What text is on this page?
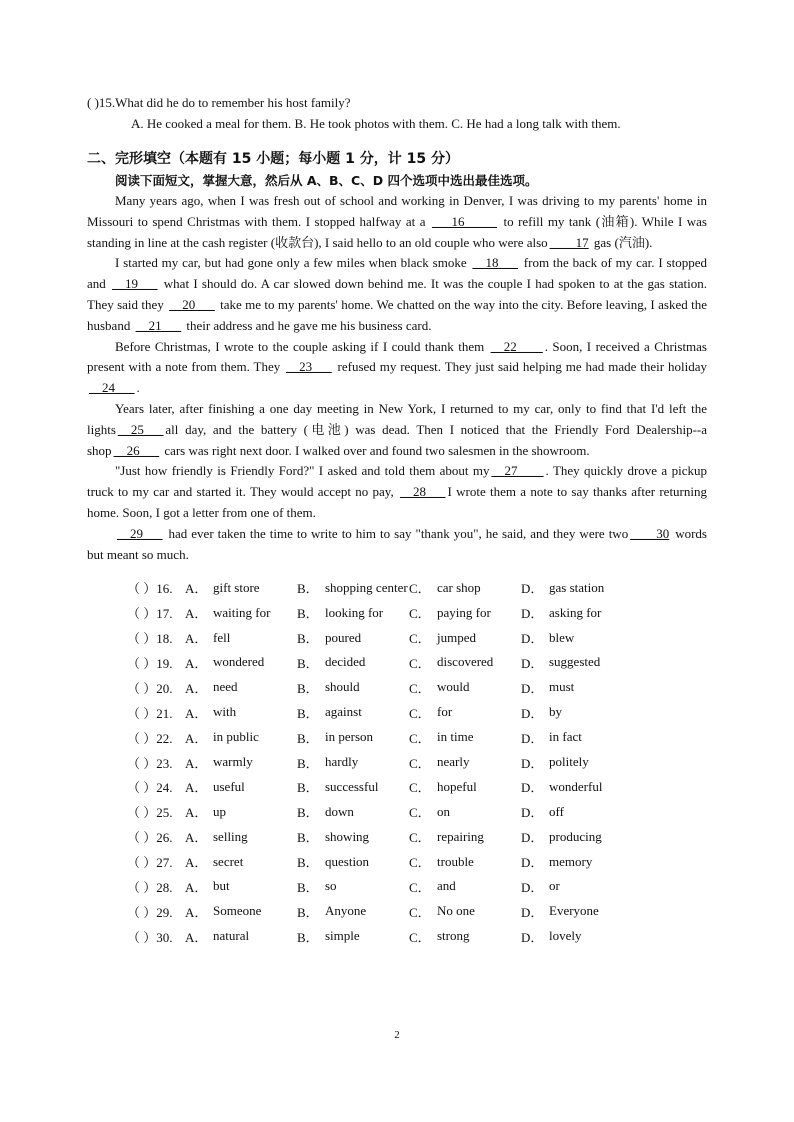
( )15.What did he do to remember his host family?
A. He cooked a meal for them. B. He took photos with them. C. He had a long talk with them.
二、完形填空（本题有 15 小题；每小题 1 分，计 15 分）
阅读下面短文，掌握大意，然后从 A、B、C、D 四个选项中选出最佳选项。

Many years ago, when I was fresh out of school and working in Denver, I was driving to my parents' home in Missouri to spend Christmas with them. I stopped halfway at a ___16_____ to refill my tank (油箱). While I was standing in line at the cash register (收款台), I said hello to an old couple who were also ____17 gas (汽油).

I started my car, but had gone only a few miles when black smoke __18___ from the back of my car. I stopped and __19___ what I should do. A car slowed down behind me. It was the couple I had spoken to at the gas station. They said they __20___ take me to my parents' home. We chatted on the way into the city. Before leaving, I asked the husband __21___ their address and he gave me his business card.

Before Christmas, I wrote to the couple asking if I could thank them __22____ . Soon, I received a Christmas present with a note from them. They __23___ refused my request. They just said helping me had made their holiday __24___ .

Years later, after finishing a one day meeting in New York, I returned to my car, only to find that I'd left the lights __25___ all day, and the battery (电池) was dead. Then I noticed that the Friendly Ford Dealership--a shop __26___ cars was right next door. I walked over and found two salesmen in the showroom.

"Just how friendly is Friendly Ford?" I asked and told them about my __27____ . They quickly drove a pickup truck to my car and started it. They would accept no pay, __28___ I wrote them a note to say thanks after returning home. Soon, I got a letter from one of them.

__29___ had ever taken the time to write to him to say "thank you", he said, and they were two ____30 words but meant so much.

（ ）16. A． gift store	B． shopping center C． car shop	D． gas station
（ ）17. A． waiting for	B． looking for	C． paying for	D． asking for
（ ）18. A． fell	B． poured	C． jumped	D． blew
（ ）19. A． wondered	B． decided	C． discovered	D． suggested
（ ）20. A． need	B． should	C． would	D． must
（ ）21. A． with	B． against	C． for	D． by
（ ）22. A． in public	B． in person	C． in time	D． in fact
（ ）23. A． warmly	B． hardly	C． nearly	D． politely
（ ）24. A． useful	B． successful	C． hopeful	D． wonderful
（ ）25. A． up	B． down	C． on	D． off
（ ）26. A． selling	B． showing	C． repairing	D． producing
（ ）27. A． secret	B． question	C． trouble	D． memory
（ ）28. A． but	B． so	C． and	D． or
（ ）29. A． Someone	B． Anyone	C． No one	D． Everyone
（ ）30. A． natural	B． simple	C． strong	D． lovely
2
